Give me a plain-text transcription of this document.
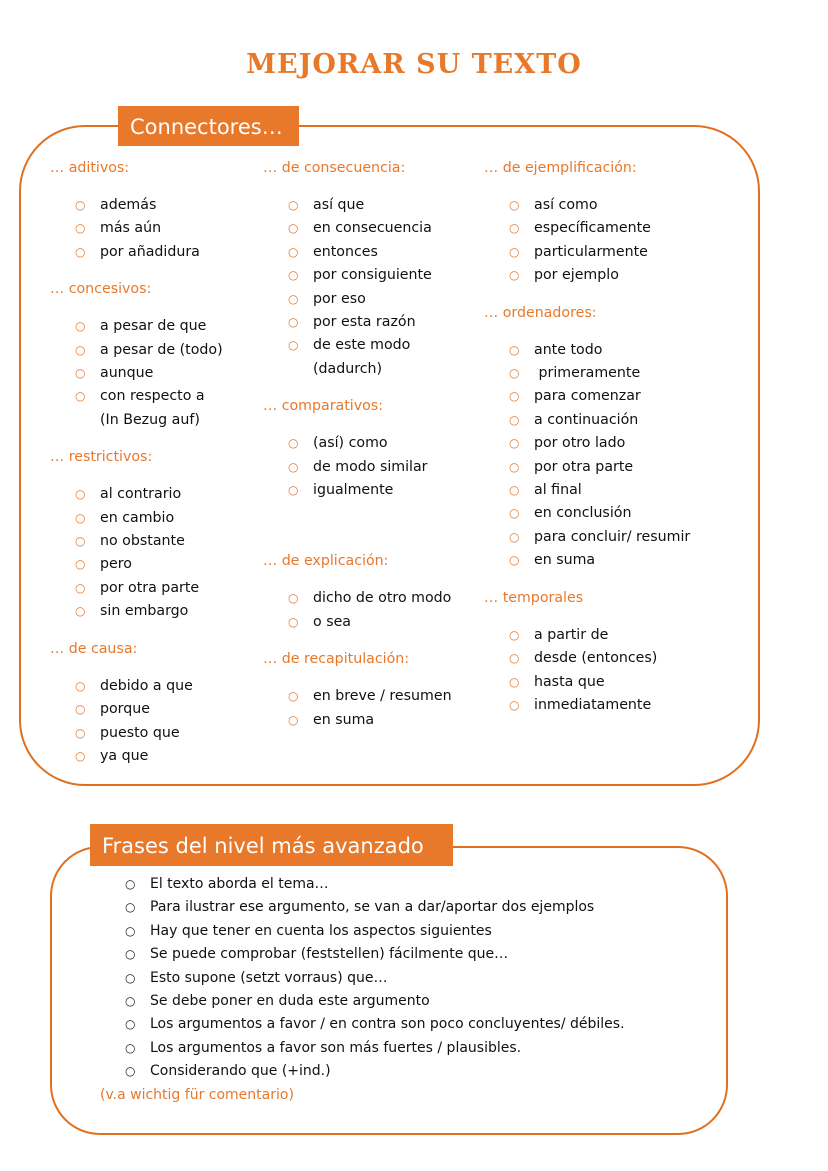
MEJORAR SU TEXTO
Connectores…
… aditivos:
○ además
○ más aún
○ por añadidura
… concesivos:
○ a pesar de que
○ a pesar de (todo)
○ aunque
○ con respecto a
(In Bezug auf)
… restrictivos:
○ al contrario
○ en cambio
○ no obstante
○ pero
○ por otra parte
○ sin embargo
… de causa:
○ debido a que
○ porque
○ puesto que
○ ya que
… de consecuencia:
○ así que
○ en consecuencia
○ entonces
○ por consiguiente
○ por eso
○ por esta razón
○ de este modo
(dadurch)
… comparativos:
○ (así) como
○ de modo similar
○ igualmente
… de explicación:
○ dicho de otro modo
○ o sea
… de recapitulación:
○ en breve / resumen
○ en suma
… de ejemplificación:
○ así como
○ específicamente
○ particularmente
○ por ejemplo
… ordenadores:
○ ante todo
○ primeramente
○ para comenzar
○ a continuación
○ por otro lado
○ por otra parte
○ al final
○ en conclusión
○ para concluir/ resumir
○ en suma
… temporales
○ a partir de
○ desde (entonces)
○ hasta que
○ inmediatamente
Frases del nivel más avanzado
○ El texto aborda el tema…
○ Para ilustrar ese argumento, se van a dar/aportar dos ejemplos
○ Hay que tener en cuenta los aspectos siguientes
○ Se puede comprobar (feststellen) fácilmente que…
○ Esto supone (setzt vorraus) que…
○ Se debe poner en duda este argumento
○ Los argumentos a favor / en contra son poco concluyentes/ débiles.
○ Los argumentos a favor son más fuertes / plausibles.
○ Considerando que (+ind.)
(v.a wichtig für comentario)
